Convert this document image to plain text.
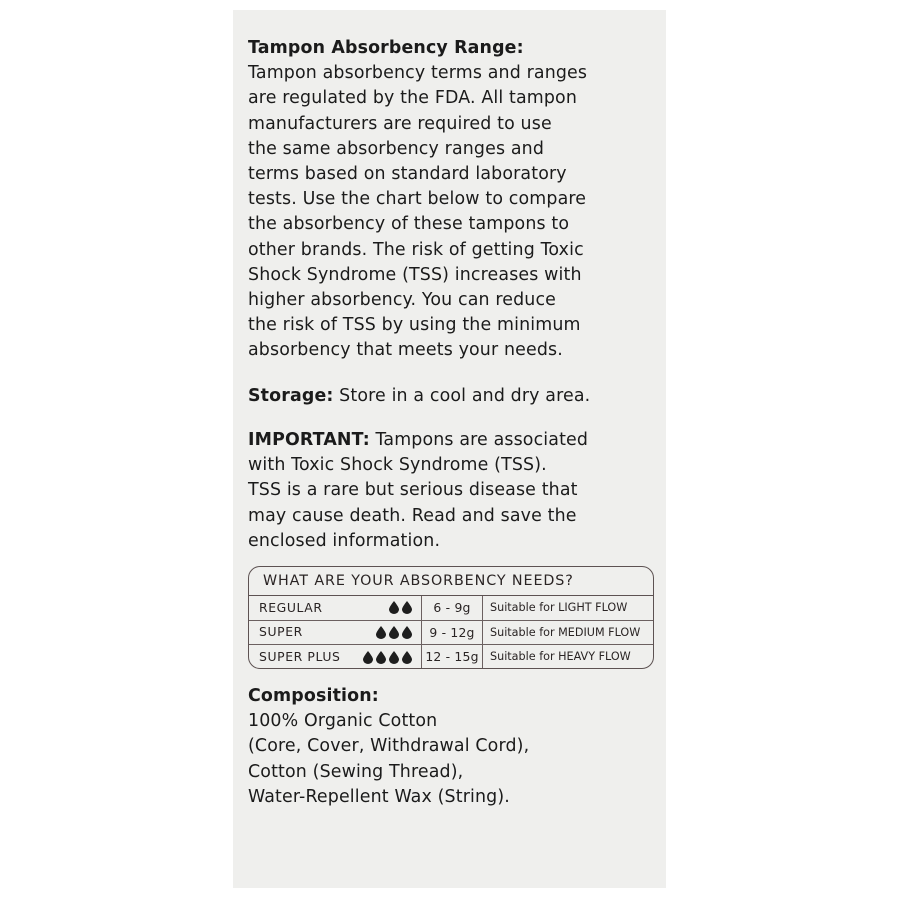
Tampon Absorbency Range:
Tampon absorbency terms and ranges
are regulated by the FDA. All tampon
manufacturers are required to use
the same absorbency ranges and
terms based on standard laboratory
tests. Use the chart below to compare
the absorbency of these tampons to
other brands. The risk of getting Toxic
Shock Syndrome (TSS) increases with
higher absorbency. You can reduce
the risk of TSS by using the minimum
absorbency that meets your needs.
Storage: Store in a cool and dry area.
IMPORTANT: Tampons are associated
with Toxic Shock Syndrome (TSS).
TSS is a rare but serious disease that
may cause death. Read and save the
enclosed information.
WHAT ARE YOUR ABSORBENCY NEEDS?
REGULAR	6 - 9g	Suitable for LIGHT FLOW
SUPER	9 - 12g	Suitable for MEDIUM FLOW
SUPER PLUS	12 - 15g	Suitable for HEAVY FLOW
Composition:
100% Organic Cotton
(Core, Cover, Withdrawal Cord),
Cotton (Sewing Thread),
Water-Repellent Wax (String).
